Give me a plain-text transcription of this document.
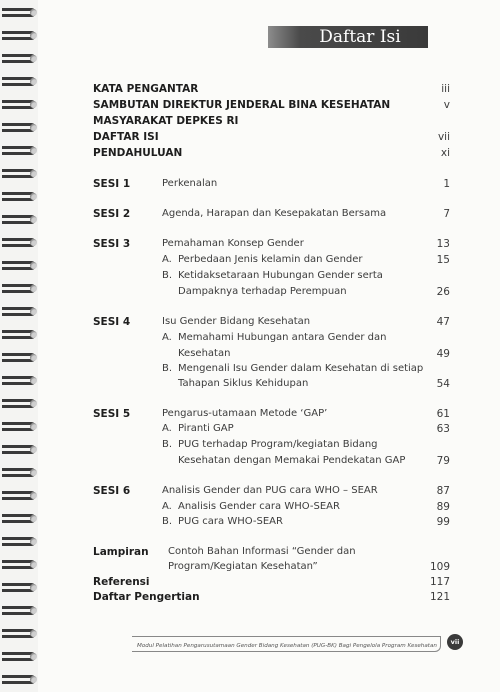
Daftar Isi
KATA PENGANTAR	iii
SAMBUTAN DIREKTUR JENDERAL BINA KESEHATAN	v
MASYARAKAT DEPKES RI
DAFTAR ISI	vii
PENDAHULUAN	xi
SESI 1	Perkenalan	1
SESI 2	Agenda, Harapan dan Kesepakatan Bersama	7
SESI 3	Pemahaman Konsep Gender	13
A. Perbedaan Jenis kelamin dan Gender	15
B. Ketidaksetaraan Hubungan Gender serta
Dampaknya terhadap Perempuan	26
SESI 4	Isu Gender Bidang Kesehatan	47
A. Memahami Hubungan antara Gender dan
Kesehatan	49
B. Mengenali Isu Gender dalam Kesehatan di setiap
Tahapan Siklus Kehidupan	54
SESI 5	Pengarus-utamaan Metode ‘GAP’	61
A. Piranti GAP	63
B. PUG terhadap Program/kegiatan Bidang
Kesehatan dengan Memakai Pendekatan GAP	79
SESI 6	Analisis Gender dan PUG cara WHO – SEAR	87
A. Analisis Gender cara WHO-SEAR	89
B. PUG cara WHO-SEAR	99
Lampiran Contoh Bahan Informasi “Gender dan
Program/Kegiatan Kesehatan”	109
Referensi	117
Daftar Pengertian	121
Modul Pelatihan Pengarusutamaan Gender Bidang Kesehatan (PUG-BK) Bagi Pengelola Program Kesehatan	vii
